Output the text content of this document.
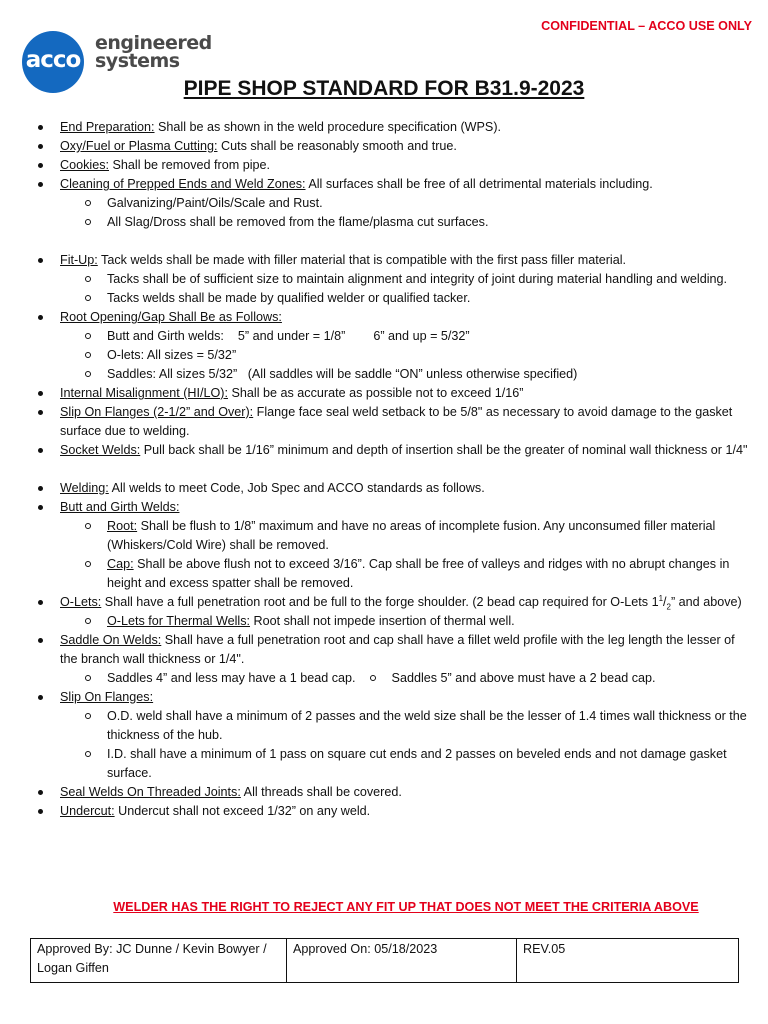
CONFIDENTIAL – ACCO USE ONLY
acco
engineered
systems
PIPE SHOP STANDARD FOR B31.9-2023
End Preparation: Shall be as shown in the weld procedure specification (WPS).
Oxy/Fuel or Plasma Cutting: Cuts shall be reasonably smooth and true.
Cookies: Shall be removed from pipe.
Cleaning of Prepped Ends and Weld Zones: All surfaces shall be free of all detrimental materials including.
Galvanizing/Paint/Oils/Scale and Rust.
All Slag/Dross shall be removed from the flame/plasma cut surfaces.
Fit-Up: Tack welds shall be made with filler material that is compatible with the first pass filler material.
Tacks shall be of sufficient size to maintain alignment and integrity of joint during material handling and welding.
Tacks welds shall be made by qualified welder or qualified tacker.
Root Opening/Gap Shall Be as Follows:
Butt and Girth welds:    5” and under = 1/8”        6” and up = 5/32”
O-lets: All sizes = 5/32”
Saddles: All sizes 5/32”   (All saddles will be saddle “ON” unless otherwise specified)
Internal Misalignment (HI/LO): Shall be as accurate as possible not to exceed 1/16”
Slip On Flanges (2-1/2” and Over): Flange face seal weld setback to be 5/8" as necessary to avoid damage to the gasket surface due to welding.
Socket Welds: Pull back shall be 1/16” minimum and depth of insertion shall be the greater of nominal wall thickness or 1/4"
Welding: All welds to meet Code, Job Spec and ACCO standards as follows.
Butt and Girth Welds:
Root: Shall be flush to 1/8” maximum and have no areas of incomplete fusion. Any unconsumed filler material (Whiskers/Cold Wire) shall be removed.
Cap: Shall be above flush not to exceed 3/16”. Cap shall be free of valleys and ridges with no abrupt changes in height and excess spatter shall be removed.
O-Lets: Shall have a full penetration root and be full to the forge shoulder. (2 bead cap required for O-Lets $1^1/_2$” and above)
O-Lets for Thermal Wells: Root shall not impede insertion of thermal well.
Saddle On Welds: Shall have a full penetration root and cap shall have a fillet weld profile with the leg length the lesser of the branch wall thickness or 1/4".
Saddles 4” and less may have a 1 bead cap.	Saddles 5” and above must have a 2 bead cap.
Slip On Flanges:
O.D. weld shall have a minimum of 2 passes and the weld size shall be the lesser of 1.4 times wall thickness or the thickness of the hub.
I.D. shall have a minimum of 1 pass on square cut ends and 2 passes on beveled ends and not damage gasket surface.
Seal Welds On Threaded Joints: All threads shall be covered.
Undercut: Undercut shall not exceed 1/32” on any weld.
WELDER HAS THE RIGHT TO REJECT ANY FIT UP THAT DOES NOT MEET THE CRITERIA ABOVE
Approved By: JC Dunne / Kevin Bowyer / Logan Giffen	Approved On: 05/18/2023	REV.05
